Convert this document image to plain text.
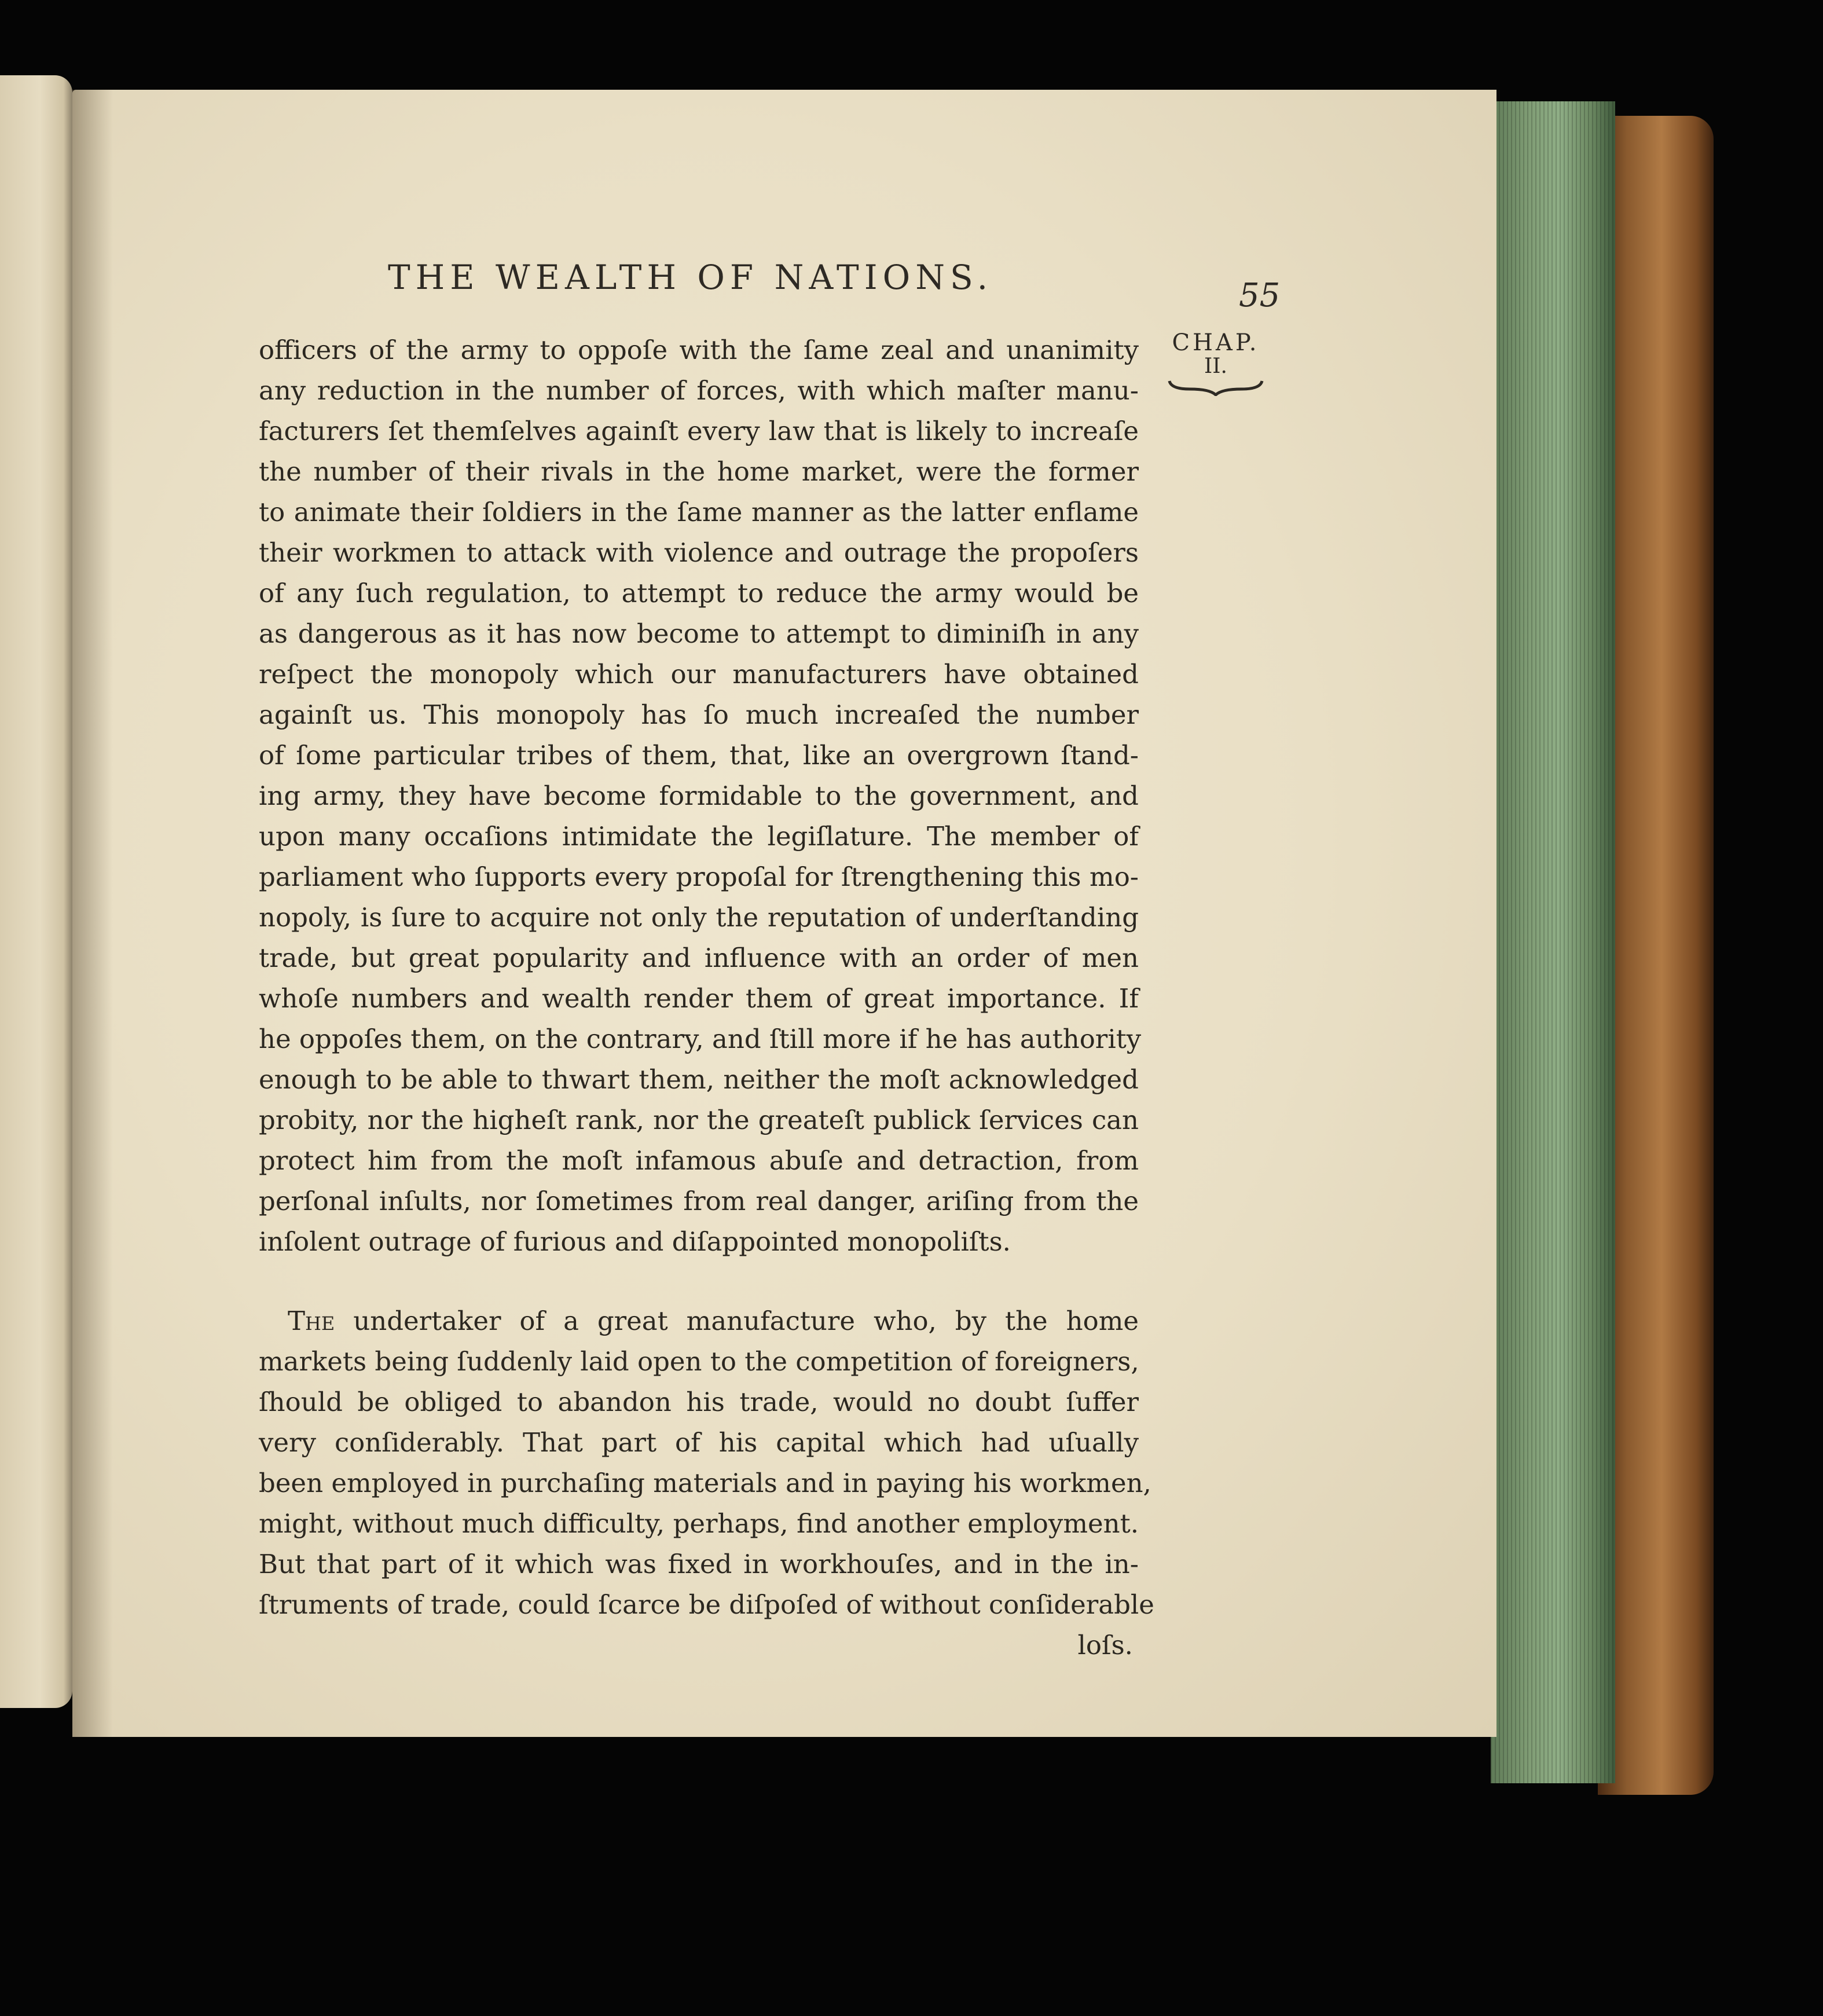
THE WEALTH OF NATIONS.	55
CHAP.
II.
officers of the army to oppoſe with the ſame zeal and unanimity
any reduction in the number of forces, with which maſter manu-
facturers ſet themſelves againſt every law that is likely to increaſe
the number of their rivals in the home market, were the former
to animate their ſoldiers in the ſame manner as the latter enflame
their workmen to attack with violence and outrage the propoſers
of any ſuch regulation, to attempt to reduce the army would be
as dangerous as it has now become to attempt to diminiſh in any
reſpect the monopoly which our manufacturers have obtained
againſt us. This monopoly has ſo much increaſed the number
of ſome particular tribes of them, that, like an overgrown ſtand-
ing army, they have become formidable to the government, and
upon many occaſions intimidate the legiſlature. The member of
parliament who ſupports every propoſal for ſtrengthening this mo-
nopoly, is ſure to acquire not only the reputation of underſtanding
trade, but great popularity and influence with an order of men
whoſe numbers and wealth render them of great importance. If
he oppoſes them, on the contrary, and ſtill more if he has authority
enough to be able to thwart them, neither the moſt acknowledged
probity, nor the higheſt rank, nor the greateſt publick ſervices can
protect him from the moſt infamous abuſe and detraction, from
perſonal inſults, nor ſometimes from real danger, ariſing from the
inſolent outrage of furious and diſappointed monopoliſts.
The undertaker of a great manufacture who, by the home
markets being ſuddenly laid open to the competition of foreigners,
ſhould be obliged to abandon his trade, would no doubt ſuffer
very conſiderably. That part of his capital which had uſually
been employed in purchaſing materials and in paying his workmen,
might, without much difficulty, perhaps, find another employment.
But that part of it which was fixed in workhouſes, and in the in-
ſtruments of trade, could ſcarce be diſpoſed of without conſiderable
loſs.
